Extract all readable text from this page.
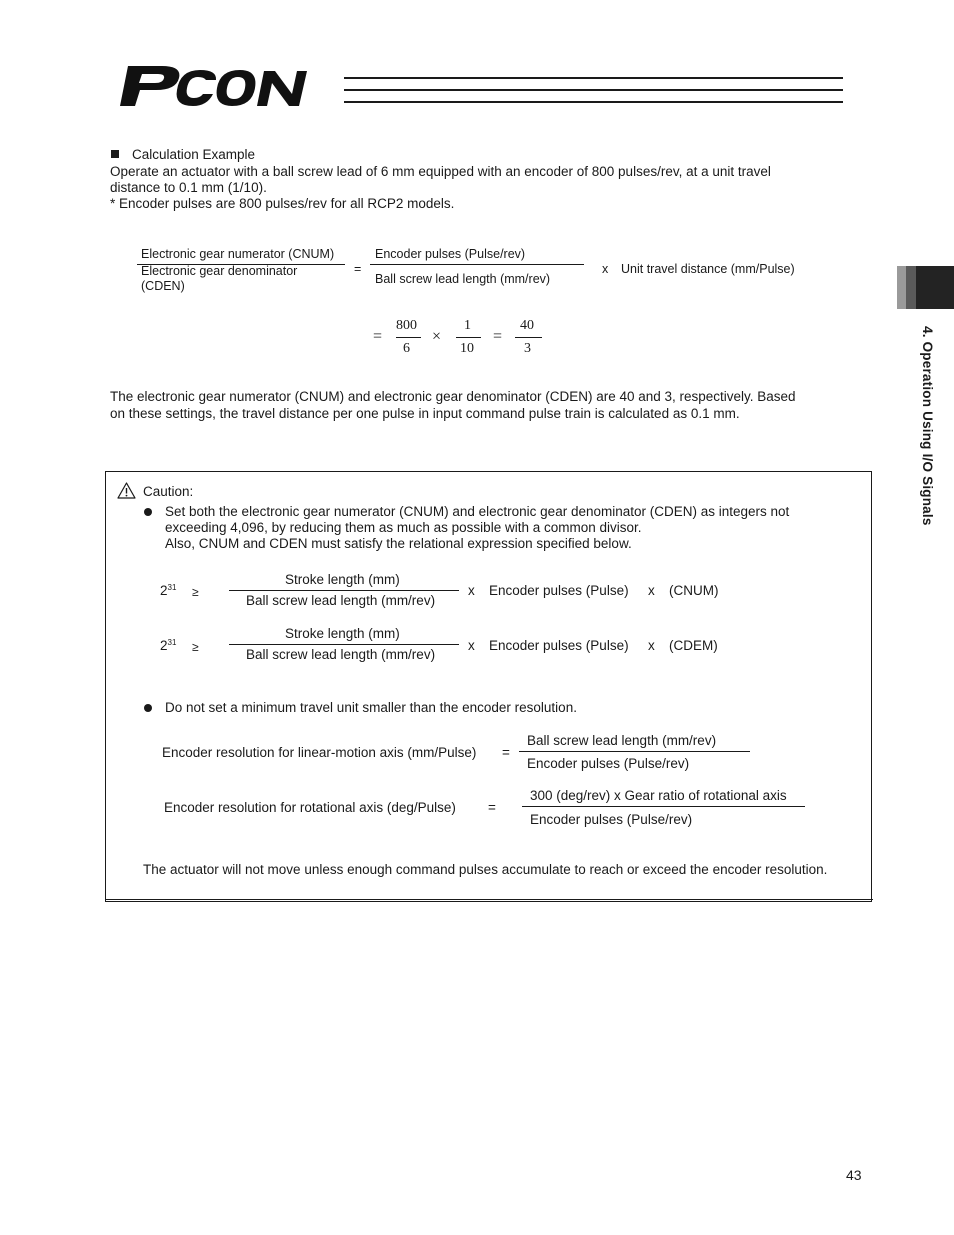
4. Operation Using I/O Signals
Calculation Example
Operate an actuator with a ball screw lead of 6 mm equipped with an encoder of 800 pulses/rev, at a unit travel
distance to 0.1 mm (1/10).
* Encoder pulses are 800 pulses/rev for all RCP2 models.
Electronic gear numerator (CNUM)
Electronic gear denominator
(CDEN)
=
Encoder pulses (Pulse/rev)
Ball screw lead length (mm/rev)
x Unit travel distance (mm/Pulse)
=
800
6
×
1
10
=
40
3
The electronic gear numerator (CNUM) and electronic gear denominator (CDEN) are 40 and 3, respectively. Based
on these settings, the travel distance per one pulse in input command pulse train is calculated as 0.1 mm.
Caution:
Set both the electronic gear numerator (CNUM) and electronic gear denominator (CDEN) as integers not
exceeding 4,096, by reducing them as much as possible with a common divisor.
Also, CNUM and CDEN must satisfy the relational expression specified below.
$2^{31}$ ≥
Stroke length (mm)
Ball screw lead length (mm/rev)
x Encoder pulses (Pulse) x (CNUM)
$2^{31}$ ≥
Stroke length (mm)
Ball screw lead length (mm/rev)
x Encoder pulses (Pulse) x (CDEM)
Do not set a minimum travel unit smaller than the encoder resolution.
Encoder resolution for linear-motion axis (mm/Pulse) =
Ball screw lead length (mm/rev)
Encoder pulses (Pulse/rev)
Encoder resolution for rotational axis (deg/Pulse) =
300 (deg/rev) x Gear ratio of rotational axis
Encoder pulses (Pulse/rev)
The actuator will not move unless enough command pulses accumulate to reach or exceed the encoder resolution.
43
